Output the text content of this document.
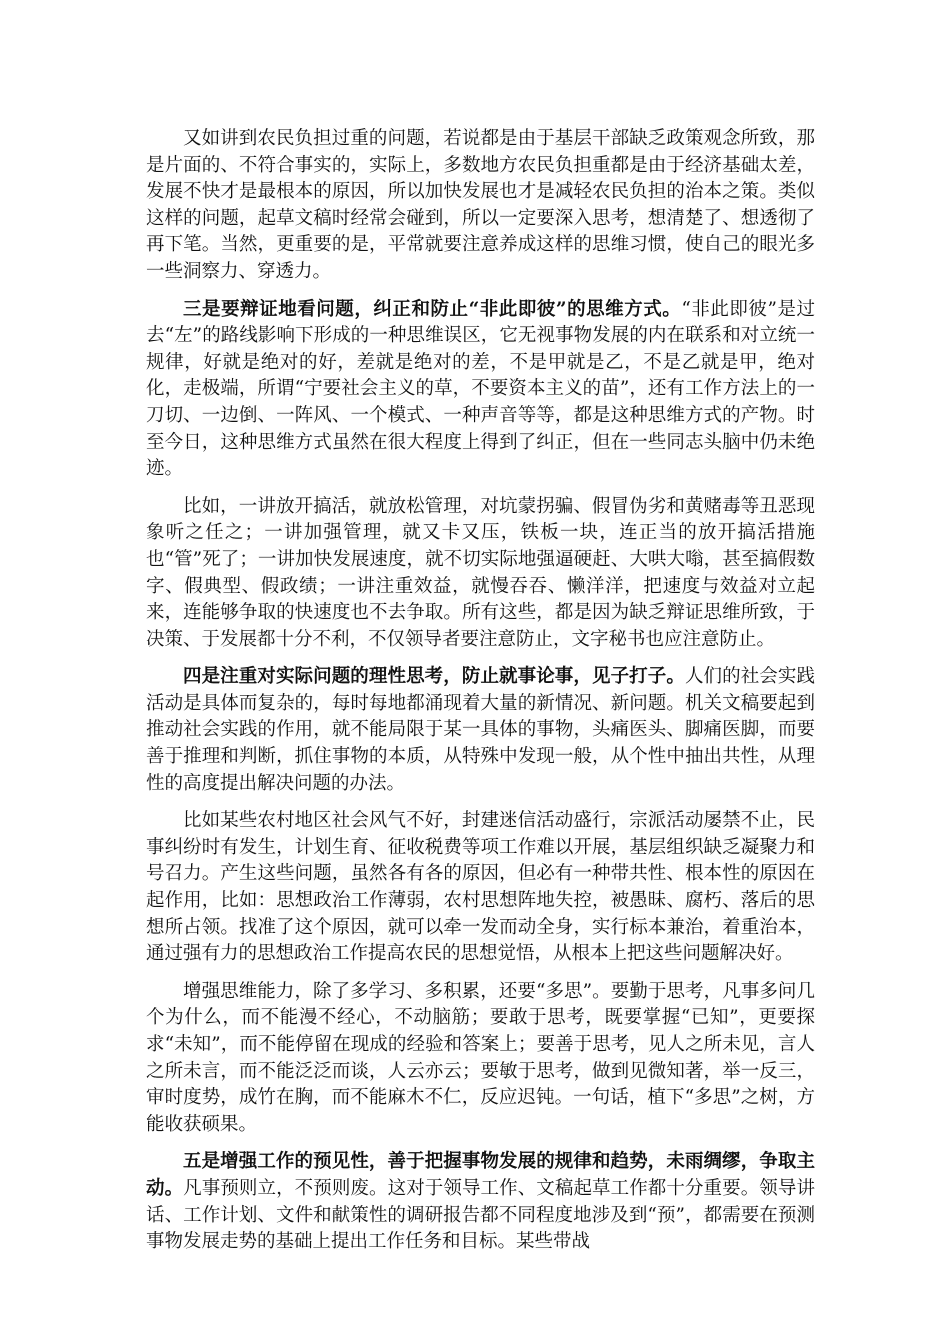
又如讲到农民负担过重的问题，若说都是由于基层干部缺乏政策观念所致，那是片面的、不符合事实的，实际上，多数地方农民负担重都是由于经济基础太差，发展不快才是最根本的原因，所以加快发展也才是减轻农民负担的治本之策。类似这样的问题，起草文稿时经常会碰到，所以一定要深入思考，想清楚了、想透彻了再下笔。当然，更重要的是，平常就要注意养成这样的思维习惯，使自己的眼光多一些洞察力、穿透力。

三是要辩证地看问题，纠正和防止“非此即彼”的思维方式。“非此即彼”是过去“左”的路线影响下形成的一种思维误区，它无视事物发展的内在联系和对立统一规律，好就是绝对的好，差就是绝对的差，不是甲就是乙，不是乙就是甲，绝对化，走极端，所谓“宁要社会主义的草，不要资本主义的苗”，还有工作方法上的一刀切、一边倒、一阵风、一个模式、一种声音等等，都是这种思维方式的产物。时至今日，这种思维方式虽然在很大程度上得到了纠正，但在一些同志头脑中仍未绝迹。

比如，一讲放开搞活，就放松管理，对坑蒙拐骗、假冒伪劣和黄赌毒等丑恶现象听之任之；一讲加强管理，就又卡又压，铁板一块，连正当的放开搞活措施也“管”死了；一讲加快发展速度，就不切实际地强逼硬赶、大哄大嗡，甚至搞假数字、假典型、假政绩；一讲注重效益，就慢吞吞、懒洋洋，把速度与效益对立起来，连能够争取的快速度也不去争取。所有这些，都是因为缺乏辩证思维所致，于决策、于发展都十分不利，不仅领导者要注意防止，文字秘书也应注意防止。

四是注重对实际问题的理性思考，防止就事论事，见子打子。人们的社会实践活动是具体而复杂的，每时每地都涌现着大量的新情况、新问题。机关文稿要起到推动社会实践的作用，就不能局限于某一具体的事物，头痛医头、脚痛医脚，而要善于推理和判断，抓住事物的本质，从特殊中发现一般，从个性中抽出共性，从理性的高度提出解决问题的办法。

比如某些农村地区社会风气不好，封建迷信活动盛行，宗派活动屡禁不止，民事纠纷时有发生，计划生育、征收税费等项工作难以开展，基层组织缺乏凝聚力和号召力。产生这些问题，虽然各有各的原因，但必有一种带共性、根本性的原因在起作用，比如：思想政治工作薄弱，农村思想阵地失控，被愚昧、腐朽、落后的思想所占领。找准了这个原因，就可以牵一发而动全身，实行标本兼治，着重治本，通过强有力的思想政治工作提高农民的思想觉悟，从根本上把这些问题解决好。

增强思维能力，除了多学习、多积累，还要“多思”。要勤于思考，凡事多问几个为什么，而不能漫不经心，不动脑筋；要敢于思考，既要掌握“已知”，更要探求“未知”，而不能停留在现成的经验和答案上；要善于思考，见人之所未见，言人之所未言，而不能泛泛而谈，人云亦云；要敏于思考，做到见微知著，举一反三，审时度势，成竹在胸，而不能麻木不仁，反应迟钝。一句话，植下“多思”之树，方能收获硕果。

五是增强工作的预见性，善于把握事物发展的规律和趋势，未雨绸缪，争取主动。凡事预则立，不预则废。这对于领导工作、文稿起草工作都十分重要。领导讲话、工作计划、文件和献策性的调研报告都不同程度地涉及到“预”，都需要在预测事物发展走势的基础上提出工作任务和目标。某些带战
